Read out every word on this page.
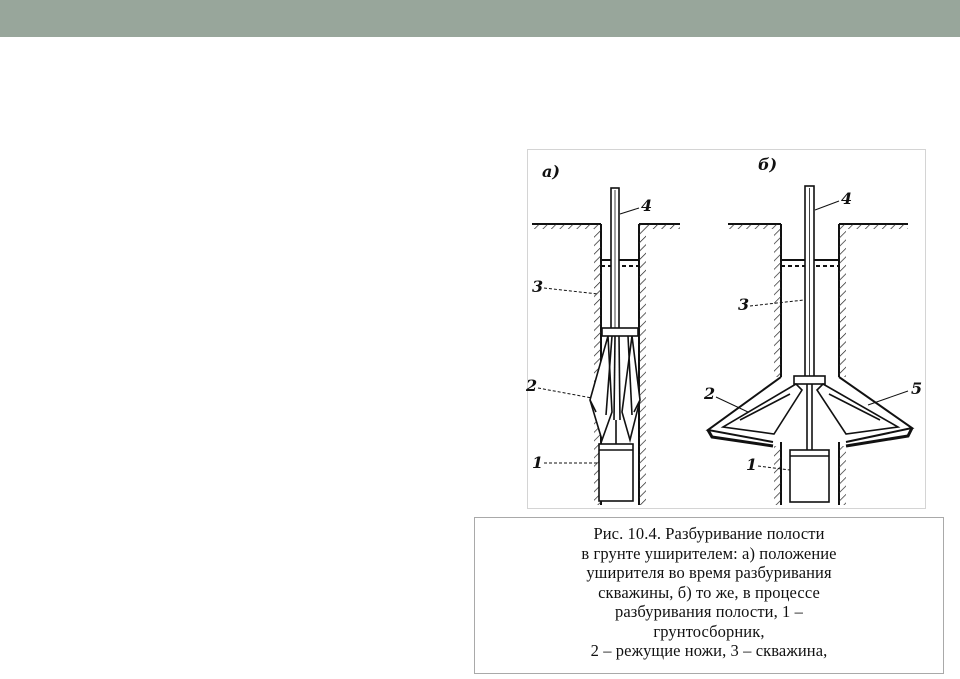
а)
1
2
3
4
б)
1
2
3
4
5
Рис. 10.4. Разбуривание полости
в грунте уширителем: а) положение
уширителя во время разбуривания
скважины, б) то же, в процессе
разбуривания полости, 1 –
грунтосборник,
2 – режущие ножи, 3 – скважина,
